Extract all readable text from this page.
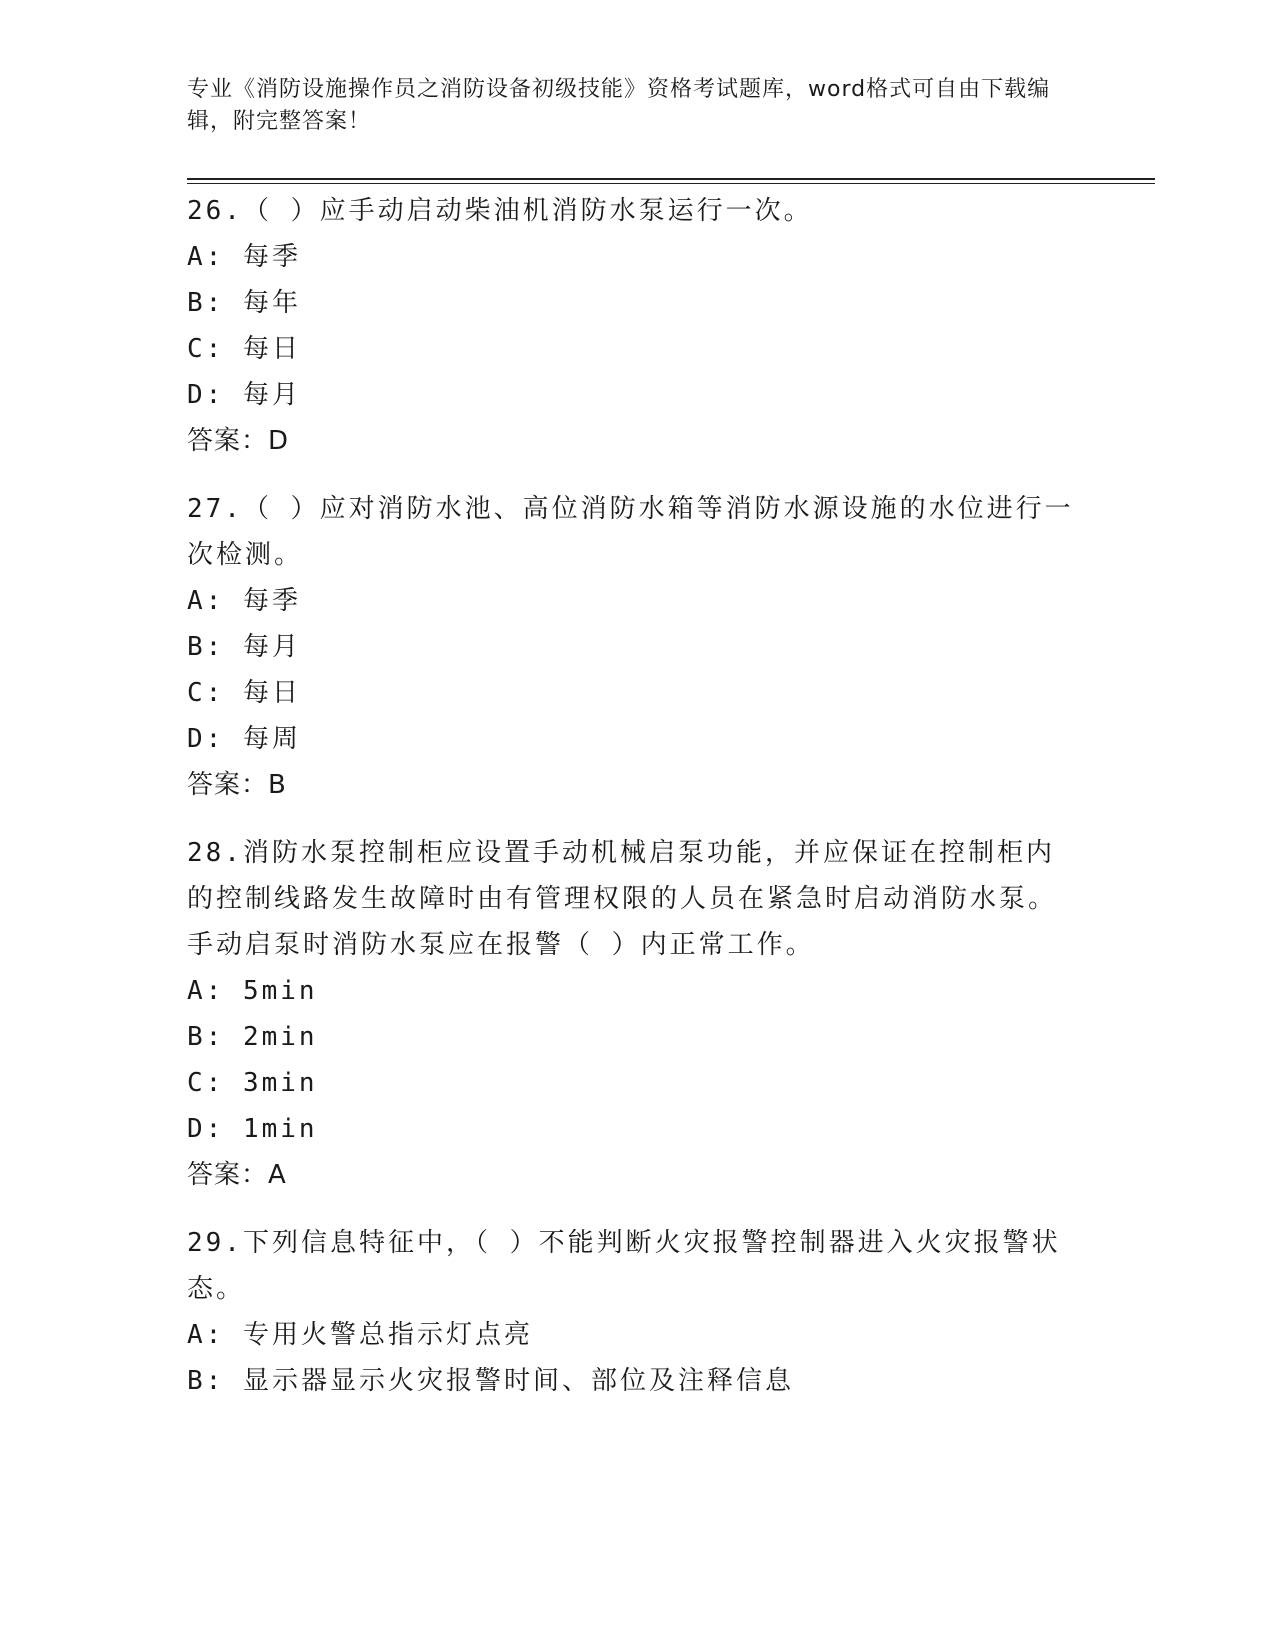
专业《消防设施操作员之消防设备初级技能》资格考试题库，word格式可自由下载编辑，附完整答案！
26.（ ）应手动启动柴油机消防水泵运行一次。
A: 每季
B: 每年
C: 每日
D: 每月
答案：D
27.（ ）应对消防水池、高位消防水箱等消防水源设施的水位进行一次检测。
A: 每季
B: 每月
C: 每日
D: 每周
答案：B
28.消防水泵控制柜应设置手动机械启泵功能，并应保证在控制柜内的控制线路发生故障时由有管理权限的人员在紧急时启动消防水泵。手动启泵时消防水泵应在报警（ ）内正常工作。
A: 5min
B: 2min
C: 3min
D: 1min
答案：A
29.下列信息特征中，（ ）不能判断火灾报警控制器进入火灾报警状态。
A: 专用火警总指示灯点亮
B: 显示器显示火灾报警时间、部位及注释信息
